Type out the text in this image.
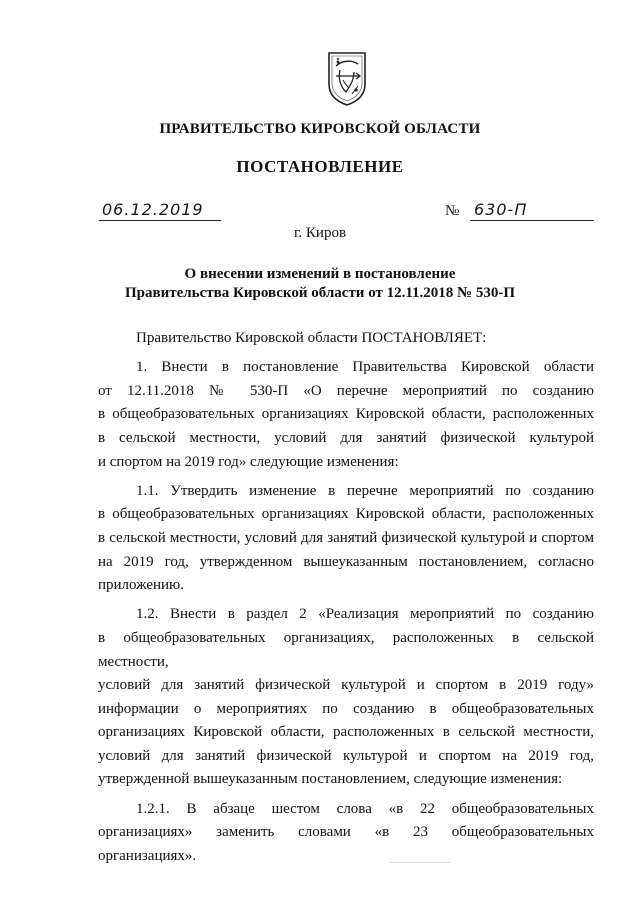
ПРАВИТЕЛЬСТВО КИРОВСКОЙ ОБЛАСТИ
ПОСТАНОВЛЕНИЕ
06.12.2019	№ 630-П
г. Киров
О внесении изменений в постановление
Правительства Кировской области от 12.11.2018 № 530-П
Правительство Кировской области ПОСТАНОВЛЯЕТ:
1. Внести в постановление Правительства Кировской области
от 12.11.2018 № 530-П «О перечне мероприятий по созданию
в общеобразовательных организациях Кировской области, расположенных
в сельской местности, условий для занятий физической культурой
и спортом на 2019 год» следующие изменения:
1.1. Утвердить изменение в перечне мероприятий по созданию
в общеобразовательных организациях Кировской области, расположенных
в сельской местности, условий для занятий физической культурой и спортом
на 2019 год, утвержденном вышеуказанным постановлением, согласно
приложению.
1.2. Внести в раздел 2 «Реализация мероприятий по созданию
в общеобразовательных организациях, расположенных в сельской местности,
условий для занятий физической культурой и спортом в 2019 году»
информации о мероприятиях по созданию в общеобразовательных
организациях Кировской области, расположенных в сельской местности,
условий для занятий физической культурой и спортом на 2019 год,
утвержденной вышеуказанным постановлением, следующие изменения:
1.2.1. В абзаце шестом слова «в 22 общеобразовательных
организациях» заменить словами «в 23 общеобразовательных организациях».
